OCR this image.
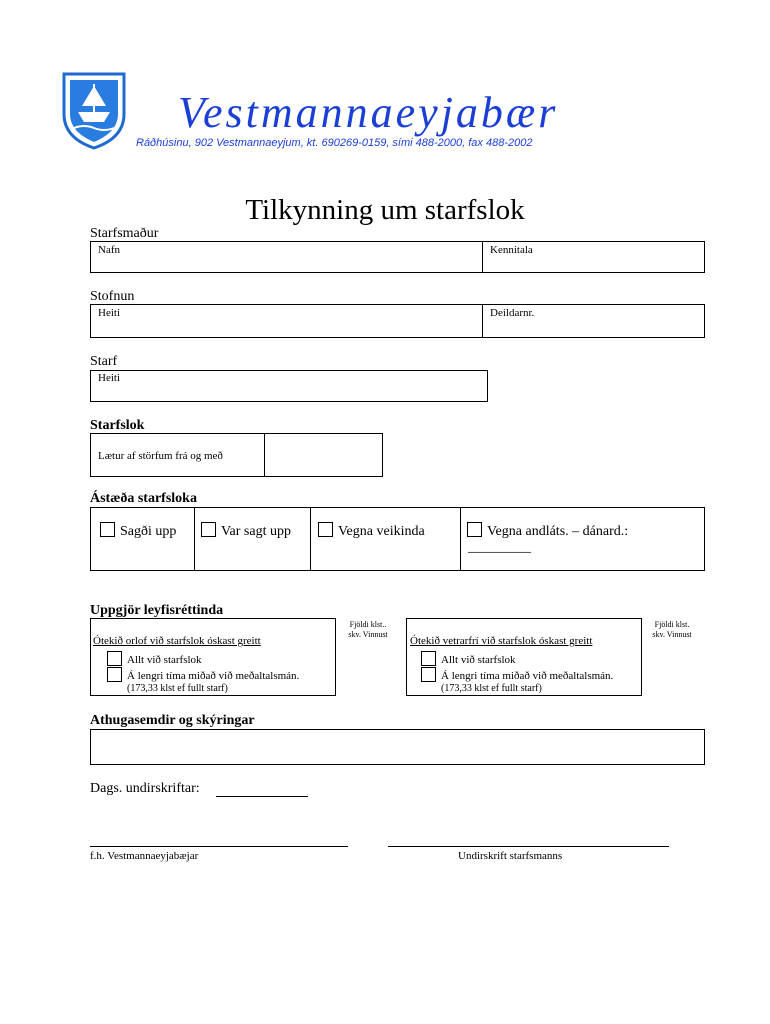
Vestmannaeyjabær
Ráðhúsinu, 902 Vestmannaeyjum, kt. 690269-0159, sími 488-2000, fax 488-2002
Tilkynning um starfslok
Starfsmaður
Nafn	Kennitala
Stofnun
Heiti	Deildarnr.
Starf
Heiti
Starfslok
Lætur af störfum frá og með
Ástæða starfsloka
Sagði upp	Var sagt upp	Vegna veikinda	Vegna andláts. – dánard.:
_________
Uppgjör leyfisréttinda
Ótekið orlof við starfslok óskast greitt
Allt við starfslok
Á lengri tíma miðað við meðaltalsmán.
(173,33 klst ef fullt starf)
Fjöldi klst..
skv. Vinnust
Ótekið vetrarfrí við starfslok óskast greitt
Allt við starfslok
Á lengri tíma miðað við meðaltalsmán.
(173,33 klst ef fullt starf)
Fjöldi klst.
skv. Vinnust
Athugasemdir og skýringar
Dags. undirskriftar:
f.h. Vestmannaeyjabæjar	Undirskrift starfsmanns
